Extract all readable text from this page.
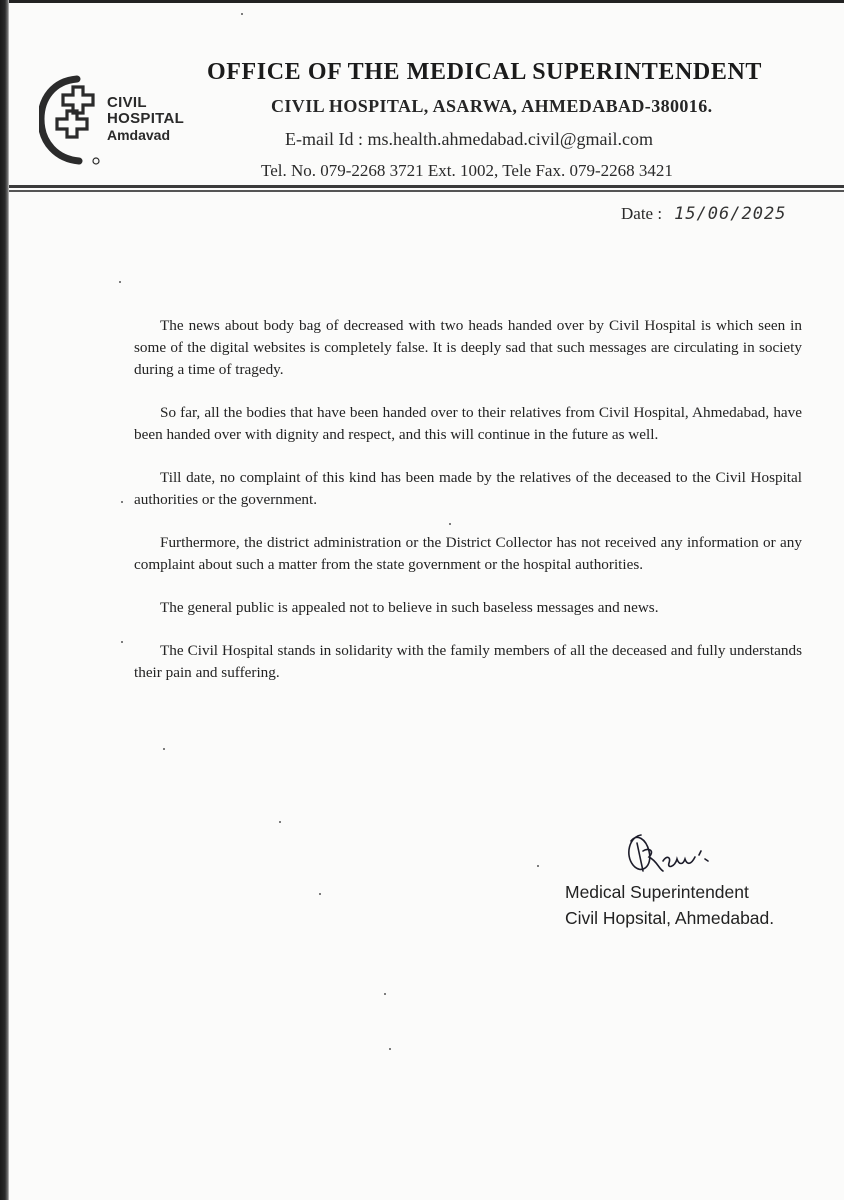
CIVIL
HOSPITAL
Amdavad
OFFICE OF THE MEDICAL SUPERINTENDENT
CIVIL HOSPITAL, ASARWA, AHMEDABAD-380016.
E-mail Id : ms.health.ahmedabad.civil@gmail.com
Tel. No. 079-2268 3721 Ext. 1002, Tele Fax. 079-2268 3421
Date : 15/06/2025

The news about body bag of decreased with two heads handed over by Civil Hospital is which seen in some of the digital websites is completely false. It is deeply sad that such messages are circulating in society during a time of tragedy.

So far, all the bodies that have been handed over to their relatives from Civil Hospital, Ahmedabad, have been handed over with dignity and respect, and this will continue in the future as well.

Till date, no complaint of this kind has been made by the relatives of the deceased to the Civil Hospital authorities or the government.

Furthermore, the district administration or the District Collector has not received any information or any complaint about such a matter from the state government or the hospital authorities.

The general public is appealed not to believe in such baseless messages and news.

The Civil Hospital stands in solidarity with the family members of all the deceased and fully understands their pain and suffering.

Medical Superintendent
Civil Hopsital, Ahmedabad.
